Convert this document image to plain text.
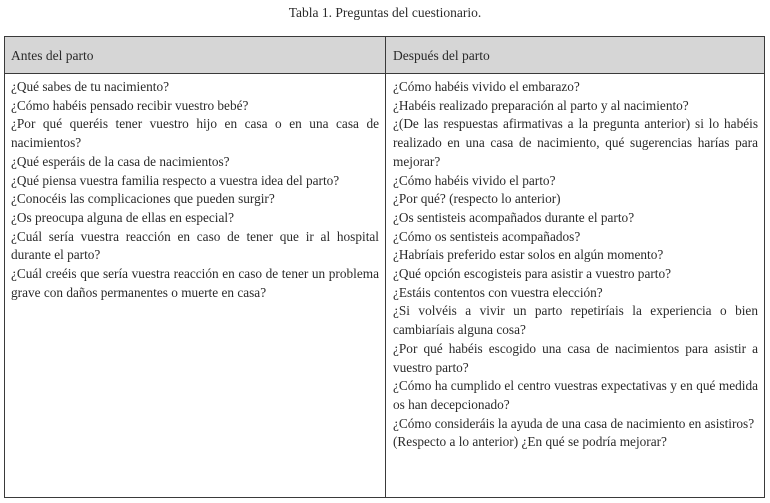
Tabla 1. Preguntas del cuestionario.
Antes del parto	Después del parto

¿Qué sabes de tu nacimiento?

¿Cómo habéis pensado recibir vuestro bebé?

¿Por qué queréis tener vuestro hijo en casa o en una casa de nacimientos?

¿Qué esperáis de la casa de nacimientos?

¿Qué piensa vuestra familia respecto a vuestra idea del parto?

¿Conocéis las complicaciones que pueden surgir?

¿Os preocupa alguna de ellas en especial?

¿Cuál sería vuestra reacción en caso de tener que ir al hospital durante el parto?

¿Cuál creéis que sería vuestra reacción en caso de tener un problema grave con daños permanentes o muerte en casa?

¿Cómo habéis vivido el embarazo?

¿Habéis realizado preparación al parto y al nacimiento?

¿(De las respuestas afirmativas a la pregunta anterior) si lo habéis realizado en una casa de nacimiento, qué sugerencias harías para mejorar?

¿Cómo habéis vivido el parto?

¿Por qué? (respecto lo anterior)

¿Os sentisteis acompañados durante el parto?

¿Cómo os sentisteis acompañados?

¿Habríais preferido estar solos en algún momento?

¿Qué opción escogisteis para asistir a vuestro parto?

¿Estáis contentos con vuestra elección?

¿Si volvéis a vivir un parto repetiríais la experiencia o bien cambiaríais alguna cosa?

¿Por qué habéis escogido una casa de nacimientos para asistir a vuestro parto?

¿Cómo ha cumplido el centro vuestras expectativas y en qué medida os han decepcionado?

¿Cómo consideráis la ayuda de una casa de nacimiento en asistiros?

(Respecto a lo anterior) ¿En qué se podría mejorar?
